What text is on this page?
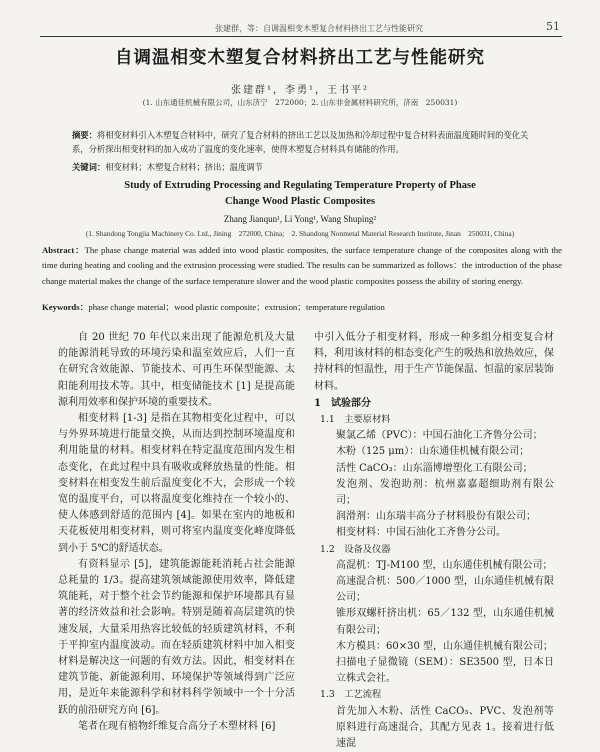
张建群，等：自调温相变木塑复合材料挤出工艺与性能研究	51
自调温相变木塑复合材料挤出工艺与性能研究
张建群¹，李勇¹，王书平²
(1. 山东通佳机械有限公司，山东济宁　272000；2. 山东非金属材料研究所，济南　250031)
摘要：将相变材料引入木塑复合材料中，研究了复合材料的挤出工艺以及加热和冷却过程中复合材料表面温度随时间的变化关系，分析探出相变材料的加入成功了温度的变化速率，使得木塑复合材料具有储能的作用。
关键词：相变材料；木塑复合材料；挤出；温度调节
Study of Extruding Processing and Regulating Temperature Property of Phase
Change Wood Plastic Composites
Zhang Jianqun¹, Li Yong¹, Wang Shuping²
(1. Shandong Tongjia Machinery Co. Ltd., Jining　272000, China;　2. Shandong Nonmetal Material Research Institute, Jinan　250031, China)
Abstract：The phase change material was added into wood plastic composites, the surface temperature change of the composites along with the time during heating and cooling and the extrusion processing were studied. The results can be summarized as follows：the introduction of the phase change material makes the change of the surface temperature slower and the wood plastic composites possess the ability of storing energy.
Keywords：phase change material；wood plastic composite；extrusion；temperature regulation

自 20 世纪 70 年代以来出现了能源危机及大量的能源消耗导致的环境污染和温室效应后，人们一直在研究含效能源、节能技术、可再生环保型能源、太阳能利用技术等。其中，相变储能技术 [1] 是提高能源利用效率和保护环境的重要技术。

相变材料 [1-3] 是指在其物相变化过程中，可以与外界环境进行能量交换，从而达到控制环境温度和利用能量的材料。相变材料在特定温度范围内发生相态变化，在此过程中具有吸收或释放热量的性能。相变材料在相变发生前后温度变化不大，会形成一个较宽的温度平台，可以将温度变化维持在一个较小的、使人体感到舒适的范围内 [4]。如果在室内的地板和天花板使用相变材料，则可将室内温度变化峰度降低到小于 5℃的舒适状态。

有资料显示 [5]，建筑能源能耗消耗占社会能源总耗量的 1/3。提高建筑领域能源使用效率，降低建筑能耗，对于整个社会节约能源和保护环境都具有显著的经济效益和社会影响。特别是随着高层建筑的快速发展，大量采用热容比较低的轻质建筑材料，不利于平抑室内温度波动。而在轻质建筑材料中加入相变材料是解决这一问题的有效方法。因此，相变材料在建筑节能、新能源利用、环境保护等领域得到广泛应用，是近年来能源科学和材料科学领域中一个十分活跃的前沿研究方向 [6]。

笔者在现有植物纤维复合高分子木塑材料 [6]

中引入低分子相变材料，形成一种多组分相变复合材料，利用该材料的相态变化产生的吸热和放热效应，保持材料的恒温性，用于生产节能保温、恒温的家居装饰材料。

1　试验部分

1.1　主要原材料

聚氯乙烯（PVC）：中国石油化工齐鲁分公司；

木粉（125 μm）：山东通佳机械有限公司；

活性 CaCO₃：山东淄博增塑化工有限公司；

发泡剂、发泡助剂：杭州嘉嘉超细助剂有限公司；

润滑剂：山东瑞丰高分子材料股份有限公司；

相变材料：中国石油化工齐鲁分公司。

1.2　设备及仪器

高混机：TJ-M100 型，山东通佳机械有限公司；

高速混合机：500／1000 型，山东通佳机械有限公司；

锥形双螺杆挤出机：65／132 型，山东通佳机械有限公司；

木方模具：60×30 型，山东通佳机械有限公司；

扫描电子显微镜（SEM）：SE3500 型，日本日立株式会社。

1.3　工艺流程

首先加入木粉、活性 CaCO₃、PVC、发泡剂等原料进行高速混合，其配方见表 1。接着进行低速混
